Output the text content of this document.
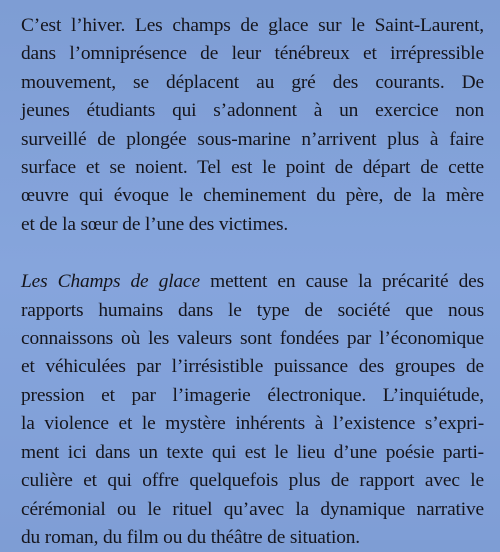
C’est l’hiver. Les champs de glace sur le Saint-Laurent,
dans l’omniprésence de leur ténébreux et irrépressible
mouvement, se déplacent au gré des courants. De
jeunes étudiants qui s’adonnent à un exercice non
surveillé de plongée sous-marine n’arrivent plus à faire
surface et se noient. Tel est le point de départ de cette
œuvre qui évoque le cheminement du père, de la mère
et de la sœur de l’une des victimes.

Les Champs de glace mettent en cause la précarité des
rapports humains dans le type de société que nous
connaissons où les valeurs sont fondées par l’économique
et véhiculées par l’irrésistible puissance des groupes de
pression et par l’imagerie électronique. L’inquiétude,
la violence et le mystère inhérents à l’existence s’expri-
ment ici dans un texte qui est le lieu d’une poésie parti-
culière et qui offre quelquefois plus de rapport avec le
cérémonial ou le rituel qu’avec la dynamique narrative
du roman, du film ou du théâtre de situation.
